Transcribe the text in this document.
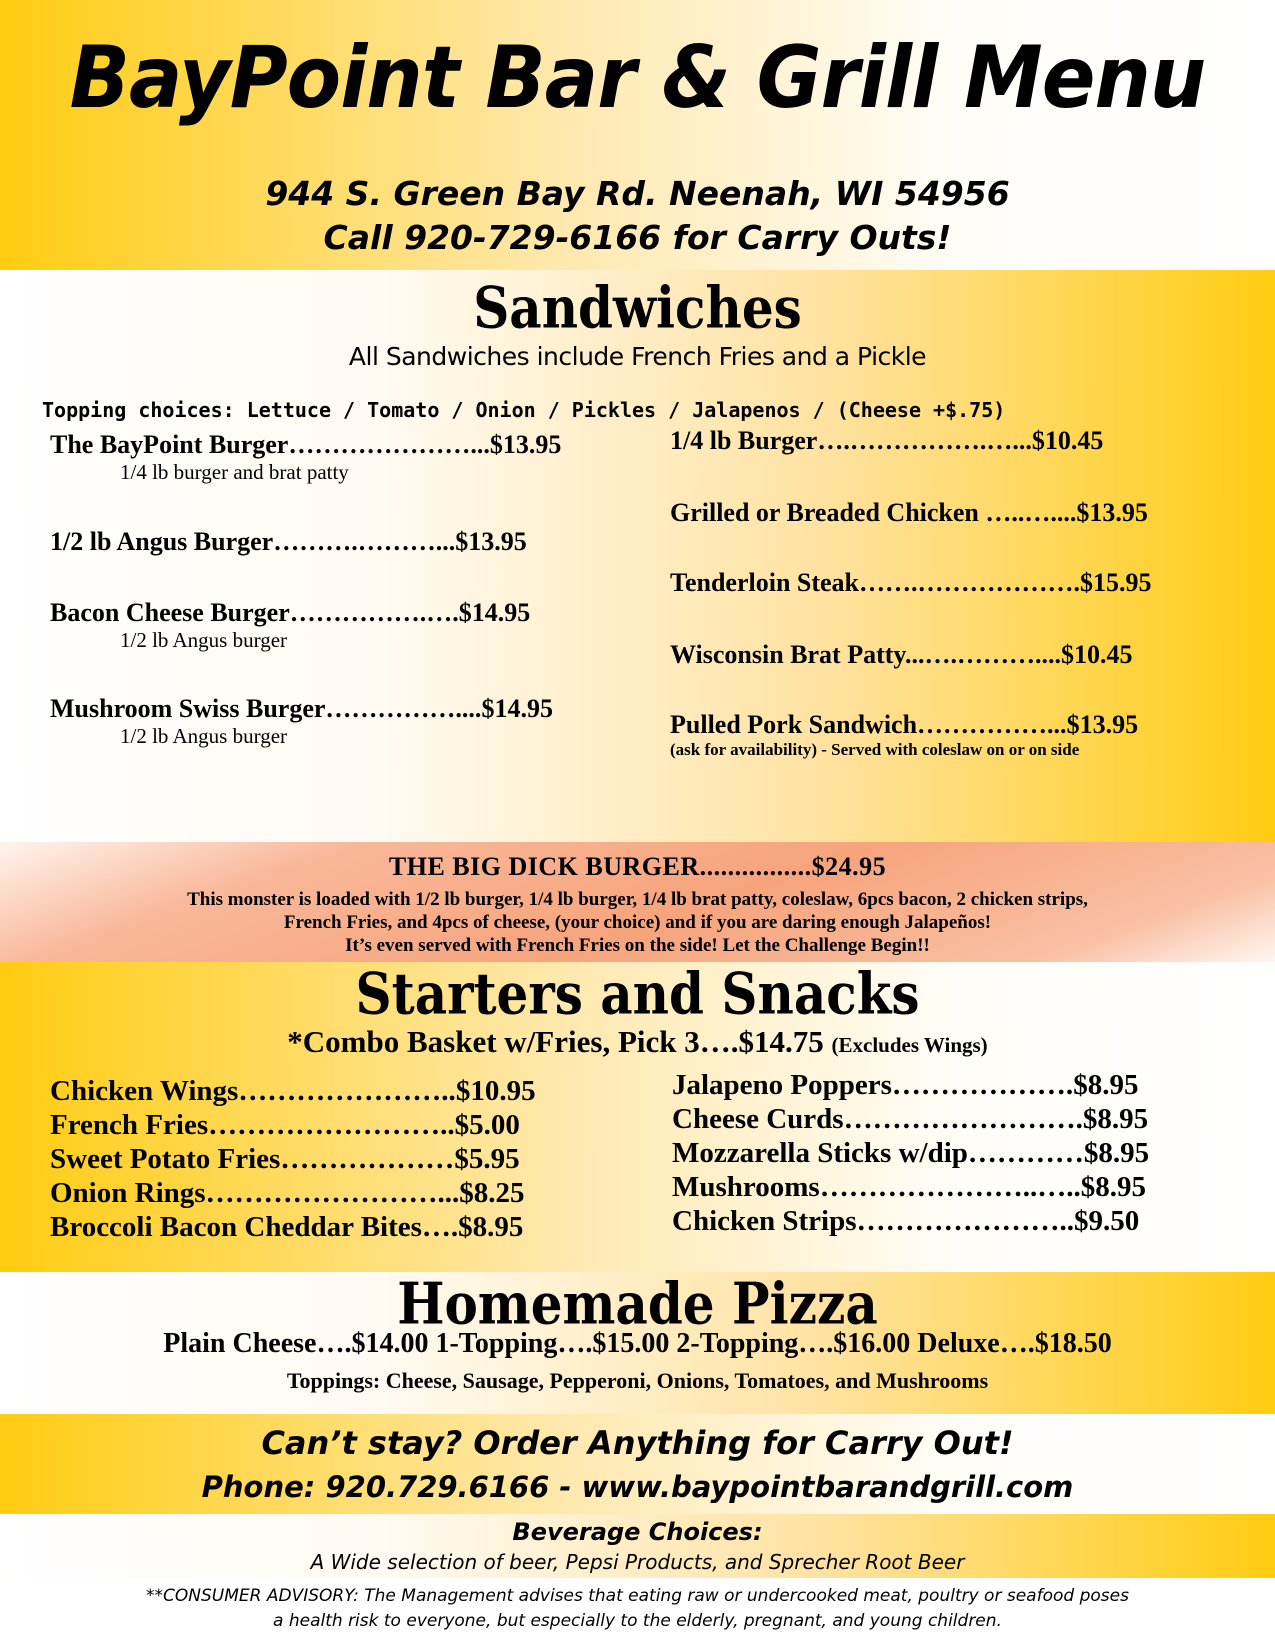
BayPoint Bar & Grill Menu
944 S. Green Bay Rd. Neenah, WI 54956
Call 920-729-6166 for Carry Outs!
Sandwiches
All Sandwiches include French Fries and a Pickle
Topping choices: Lettuce / Tomato / Onion / Pickles / Jalapenos / (Cheese +$.75)
The BayPoint Burger…………………...$13.95
1/4 lb burger and brat patty
1/2 lb Angus Burger……….………...$13.95
Bacon Cheese Burger…………….….$14.95
1/2 lb Angus burger
Mushroom Swiss Burger……………....$14.95
1/2 lb Angus burger
1/4 lb Burger….…………….…...$10.45
Grilled or Breaded Chicken …..…....$13.95
Tenderloin Steak…….……………….$15.95
Wisconsin Brat Patty...….………....$10.45
Pulled Pork Sandwich……………...$13.95
(ask for availability) - Served with coleslaw on or on side
THE BIG DICK BURGER................$24.95
This monster is loaded with 1/2 lb burger, 1/4 lb burger, 1/4 lb brat patty, coleslaw, 6pcs bacon, 2 chicken strips,
French Fries, and 4pcs of cheese, (your choice) and if you are daring enough Jalapeños!
It’s even served with French Fries on the side! Let the Challenge Begin!!
Starters and Snacks
*Combo Basket w/Fries, Pick 3….$14.75 (Excludes Wings)
Chicken Wings…………………..$10.95
French Fries……………………..$5.00
Sweet Potato Fries………………$5.95
Onion Rings……………………...$8.25
Broccoli Bacon Cheddar Bites….$8.95
Jalapeno Poppers……………….$8.95
Cheese Curds…………………….$8.95
Mozzarella Sticks w/dip…………$8.95
Mushrooms…………………..…..$8.95
Chicken Strips…………………..$9.50
Homemade Pizza
Plain Cheese….$14.00 1-Topping….$15.00 2-Topping….$16.00 Deluxe….$18.50
Toppings: Cheese, Sausage, Pepperoni, Onions, Tomatoes, and Mushrooms
Can’t stay? Order Anything for Carry Out!
Phone: 920.729.6166 - www.baypointbarandgrill.com
Beverage Choices:
A Wide selection of beer, Pepsi Products, and Sprecher Root Beer
**CONSUMER ADVISORY: The Management advises that eating raw or undercooked meat, poultry or seafood poses
a health risk to everyone, but especially to the elderly, pregnant, and young children.
